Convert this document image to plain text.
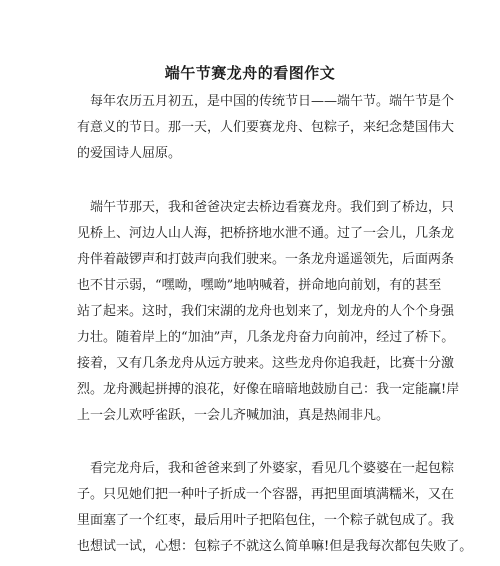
端午节赛龙舟的看图作文
　每年农历五月初五，是中国的传统节日——端午节。端午节是个
有意义的节日。那一天，人们要赛龙舟、包粽子，来纪念楚国伟大
的爱国诗人屈原。
　端午节那天，我和爸爸决定去桥边看赛龙舟。我们到了桥边，只
见桥上、河边人山人海，把桥挤地水泄不通。过了一会儿，几条龙
舟伴着敲锣声和打鼓声向我们驶来。一条龙舟遥遥领先，后面两条
也不甘示弱，“嘿呦，嘿呦”地呐喊着，拼命地向前划，有的甚至
站了起来。这时，我们宋湖的龙舟也划来了，划龙舟的人个个身强
力壮。随着岸上的“加油”声，几条龙舟奋力向前冲，经过了桥下。
接着，又有几条龙舟从远方驶来。这些龙舟你追我赶，比赛十分激
烈。龙舟溅起拼搏的浪花，好像在暗暗地鼓励自己：我一定能赢!岸
上一会儿欢呼雀跃，一会儿齐喊加油，真是热闹非凡。
　看完龙舟后，我和爸爸来到了外婆家，看见几个婆婆在一起包粽
子。只见她们把一种叶子折成一个容器，再把里面填满糯米，又在
里面塞了一个红枣，最后用叶子把陷包住，一个粽子就包成了。我
也想试一试，心想：包粽子不就这么简单嘛!但是我每次都包失败了。
